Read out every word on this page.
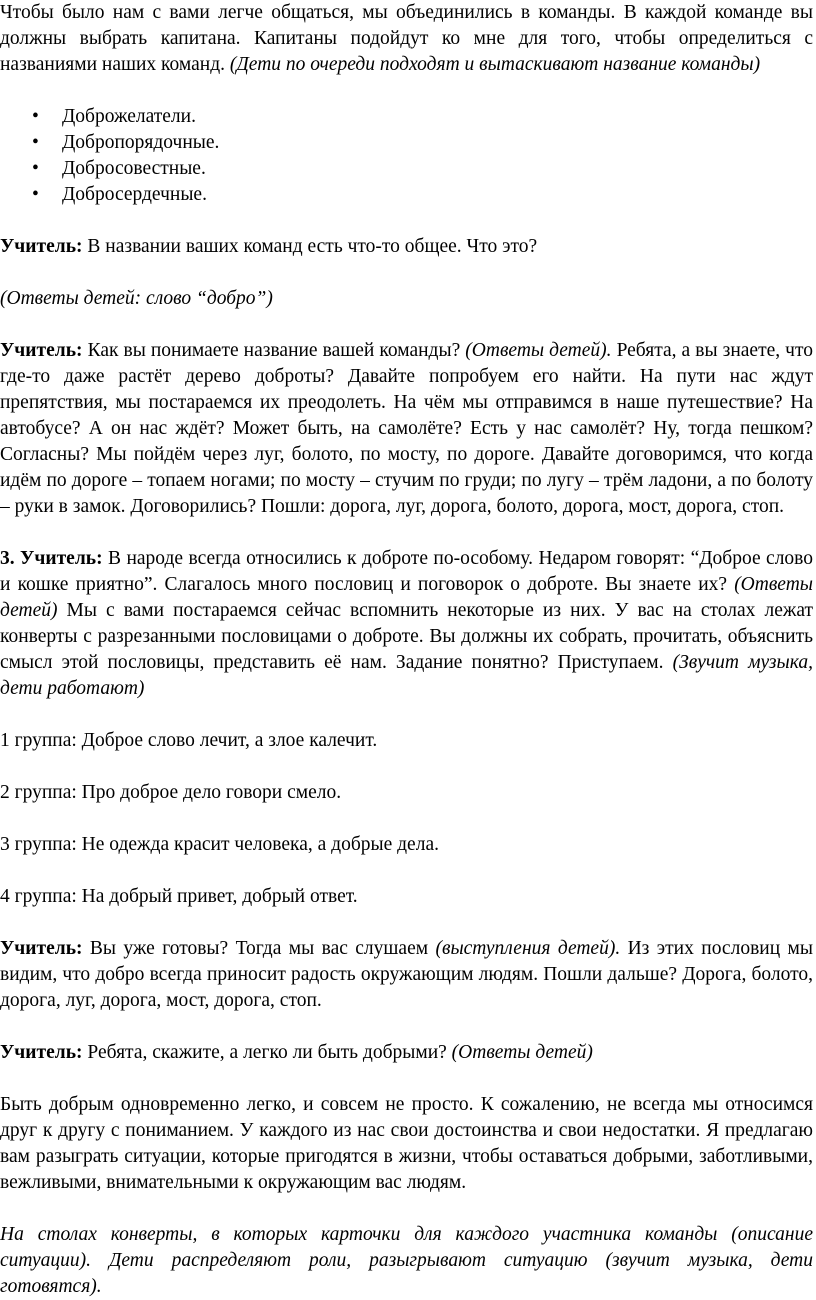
Чтобы было нам с вами легче общаться, мы объединились в команды. В каждой команде вы должны выбрать капитана. Капитаны подойдут ко мне для того, чтобы определиться с названиями наших команд. (Дети по очереди подходят и вытаскивают название команды)

• Доброжелатели.
• Добропорядочные.
• Добросовестные.
• Добросердечные.

Учитель: В названии ваших команд есть что-то общее. Что это?

(Ответы детей: слово “добро”)

Учитель: Как вы понимаете название вашей команды? (Ответы детей). Ребята, а вы знаете, что где-то даже растёт дерево доброты? Давайте попробуем его найти. На пути нас ждут препятствия, мы постараемся их преодолеть. На чём мы отправимся в наше путешествие? На автобусе? А он нас ждёт? Может быть, на самолёте? Есть у нас самолёт? Ну, тогда пешком? Согласны? Мы пойдём через луг, болото, по мосту, по дороге. Давайте договоримся, что когда идём по дороге – топаем ногами; по мосту – стучим по груди; по лугу – трём ладони, а по болоту – руки в замок. Договорились? Пошли: дорога, луг, дорога, болото, дорога, мост, дорога, стоп.

3. Учитель: В народе всегда относились к доброте по-особому. Недаром говорят: “Доброе слово и кошке приятно”. Слагалось много пословиц и поговорок о доброте. Вы знаете их? (Ответы детей) Мы с вами постараемся сейчас вспомнить некоторые из них. У вас на столах лежат конверты с разрезанными пословицами о доброте. Вы должны их собрать, прочитать, объяснить смысл этой пословицы, представить её нам. Задание понятно? Приступаем. (Звучит музыка, дети работают)

1 группа: Доброе слово лечит, а злое калечит.

2 группа: Про доброе дело говори смело.

3 группа: Не одежда красит человека, а добрые дела.

4 группа: На добрый привет, добрый ответ.

Учитель: Вы уже готовы? Тогда мы вас слушаем (выступления детей). Из этих пословиц мы видим, что добро всегда приносит радость окружающим людям. Пошли дальше? Дорога, болото, дорога, луг, дорога, мост, дорога, стоп.

Учитель: Ребята, скажите, а легко ли быть добрыми? (Ответы детей)

Быть добрым одновременно легко, и совсем не просто. К сожалению, не всегда мы относимся друг к другу с пониманием. У каждого из нас свои достоинства и свои недостатки. Я предлагаю вам разыграть ситуации, которые пригодятся в жизни, чтобы оставаться добрыми, заботливыми, вежливыми, внимательными к окружающим вас людям.

На столах конверты, в которых карточки для каждого участника команды (описание ситуации). Дети распределяют роли, разыгрывают ситуацию (звучит музыка, дети готовятся).
